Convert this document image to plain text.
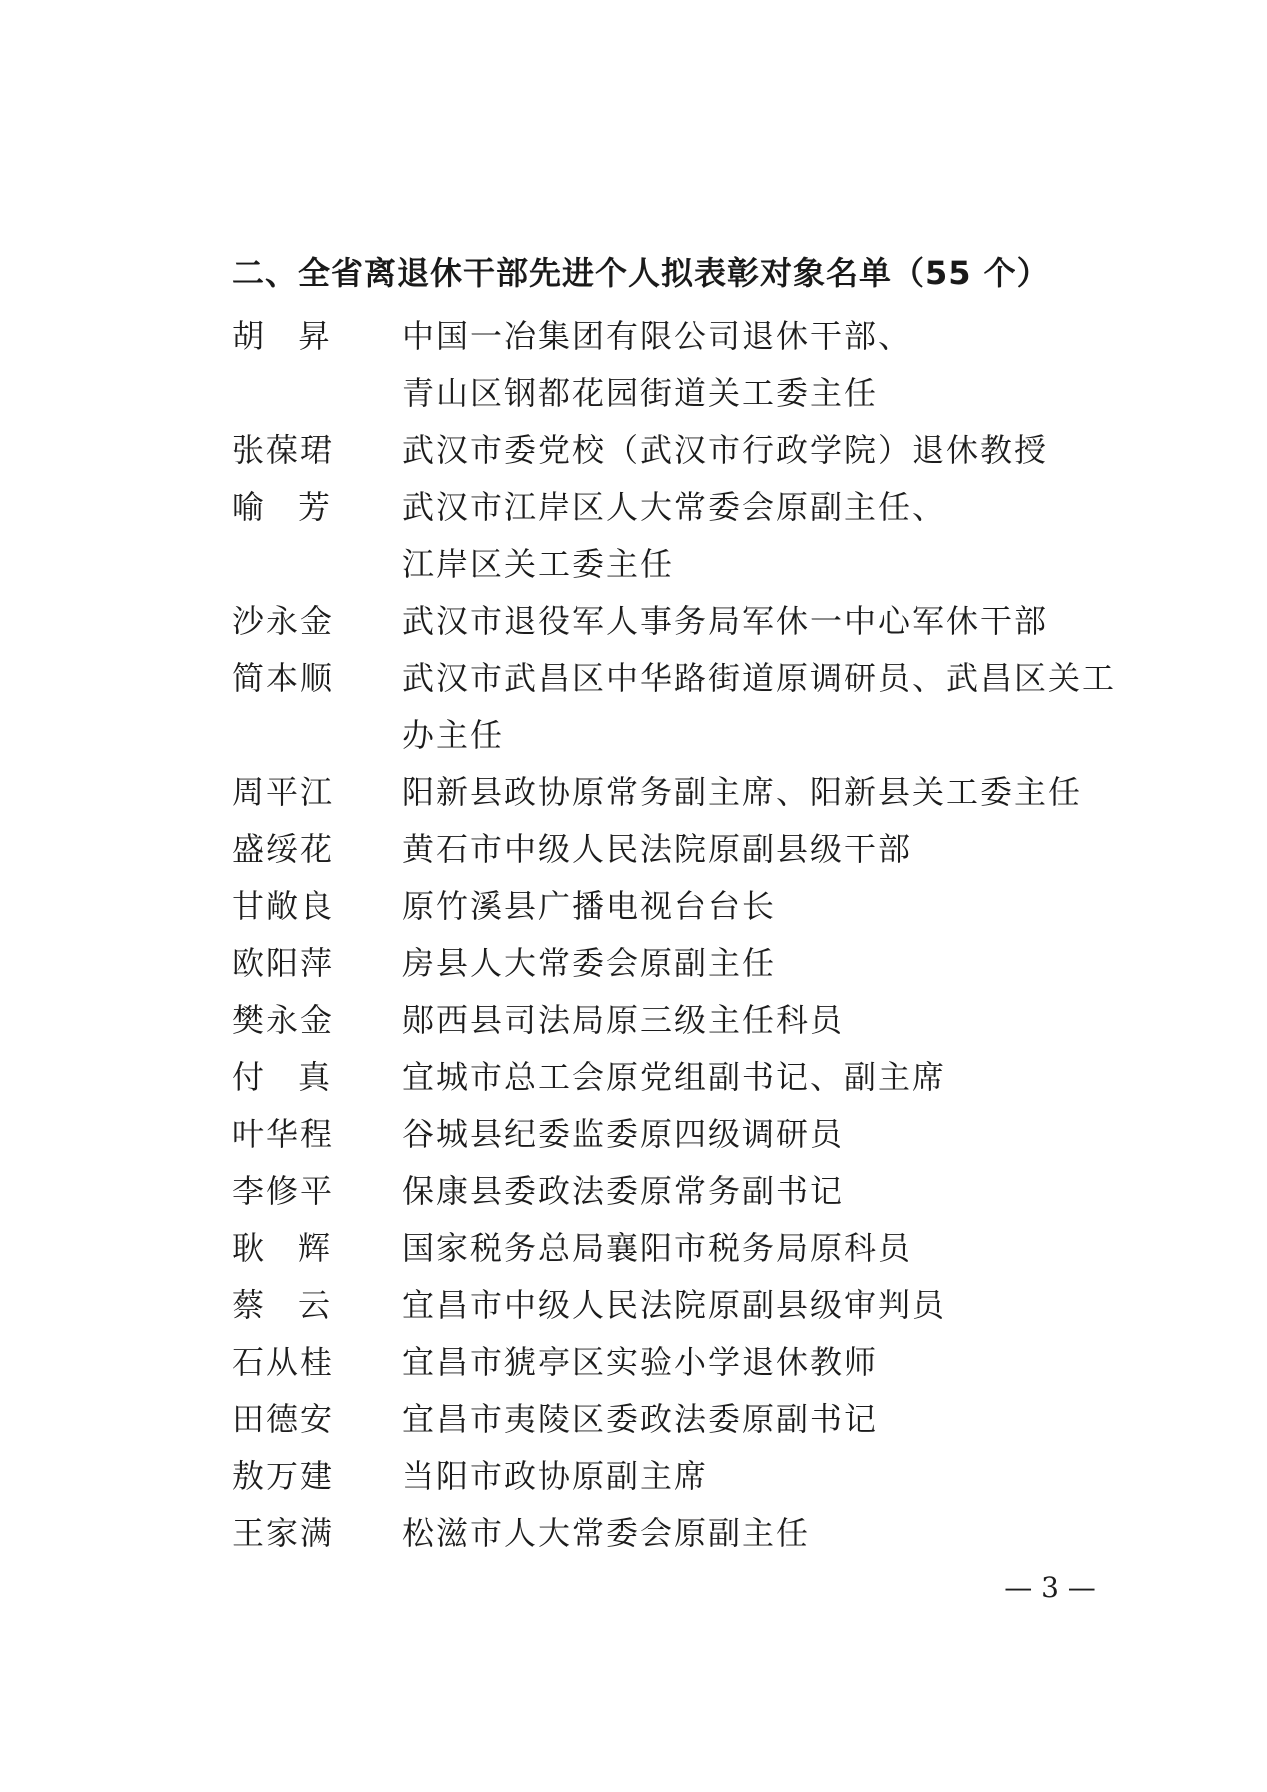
二、全省离退休干部先进个人拟表彰对象名单（55 个）
胡昇	中国一冶集团有限公司退休干部、
青山区钢都花园街道关工委主任
张葆珺	武汉市委党校（武汉市行政学院）退休教授
喻芳	武汉市江岸区人大常委会原副主任、
江岸区关工委主任
沙永金	武汉市退役军人事务局军休一中心军休干部
简本顺	武汉市武昌区中华路街道原调研员、武昌区关工
办主任
周平江	阳新县政协原常务副主席、阳新县关工委主任
盛绥花	黄石市中级人民法院原副县级干部
甘敞良	原竹溪县广播电视台台长
欧阳萍	房县人大常委会原副主任
樊永金	郧西县司法局原三级主任科员
付真	宜城市总工会原党组副书记、副主席
叶华程	谷城县纪委监委原四级调研员
李修平	保康县委政法委原常务副书记
耿辉	国家税务总局襄阳市税务局原科员
蔡云	宜昌市中级人民法院原副县级审判员
石从桂	宜昌市猇亭区实验小学退休教师
田德安	宜昌市夷陵区委政法委原副书记
敖万建	当阳市政协原副主席
王家满	松滋市人大常委会原副主任
— 3 —
